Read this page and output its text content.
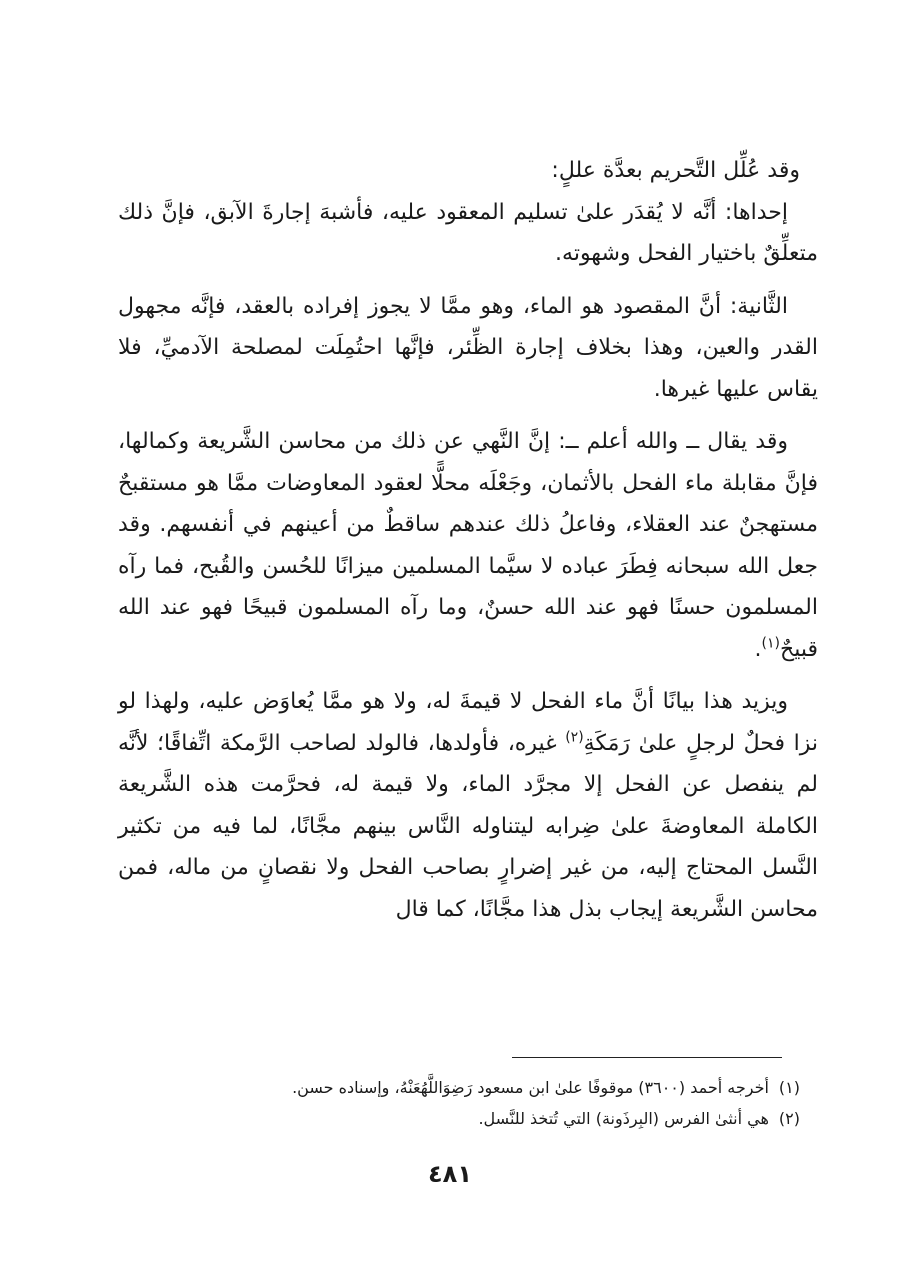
وقد عُلِّل التَّحريم بعدَّة عللٍ:

إحداها: أنَّه لا يُقدَر علىٰ تسليم المعقود عليه، فأشبهَ إجارةَ الآبق، فإنَّ ذلك متعلِّقٌ باختيار الفحل وشهوته.

الثَّانية: أنَّ المقصود هو الماء، وهو ممَّا لا يجوز إفراده بالعقد، فإنَّه مجهول القدر والعين، وهذا بخلاف إجارة الظِّئر، فإنَّها احتُمِلَت لمصلحة الآدميِّ، فلا يقاس عليها غيرها.

وقد يقال ــ والله أعلم ــ: إنَّ النَّهي عن ذلك من محاسن الشَّريعة وكمالها، فإنَّ مقابلة ماء الفحل بالأثمان، وجَعْلَه محلًّا لعقود المعاوضات ممَّا هو مستقبحٌ مستهجنٌ عند العقلاء، وفاعلُ ذلك عندهم ساقطٌ من أعينهم في أنفسهم. وقد جعل الله سبحانه فِطَرَ عباده لا سيَّما المسلمين ميزانًا للحُسن والقُبح، فما رآه المسلمون حسنًا فهو عند الله حسنٌ، وما رآه المسلمون قبيحًا فهو عند الله قبيحٌ$^{(١)}$.

ويزيد هذا بيانًا أنَّ ماء الفحل لا قيمةَ له، ولا هو ممَّا يُعاوَض عليه، ولهذا لو نزا فحلٌ لرجلٍ علىٰ رَمَكَةِ$^{(٢)}$ غيره، فأولدها، فالولد لصاحب الرَّمكة اتِّفاقًا؛ لأنَّه لم ينفصل عن الفحل إلا مجرَّد الماء، ولا قيمة له، فحرَّمت هذه الشَّريعة الكاملة المعاوضةَ علىٰ ضِرابه ليتناوله النَّاس بينهم مجَّانًا، لما فيه من تكثير النَّسل المحتاج إليه، من غير إضرارٍ بصاحب الفحل ولا نقصانٍ من ماله، فمن محاسن الشَّريعة إيجاب بذل هذا مجَّانًا، كما قال

(١)أخرجه أحمد (٣٦٠٠) موقوفًا علىٰ ابن مسعود رَضِوَاللَّهُعَنْهُ، وإسناده حسن.

(٢)هي أنثىٰ الفرس (البِرذَونة) التي تُتخذ للنَّسل.

٤٨١
